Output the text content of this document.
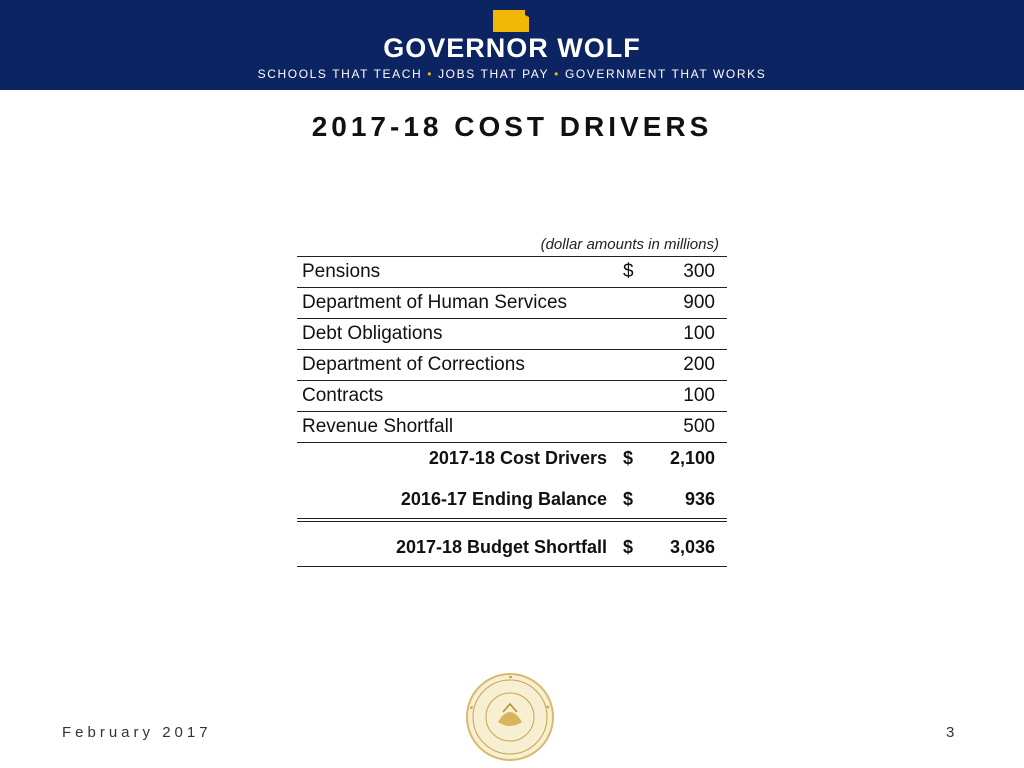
GOVERNOR WOLF
SCHOOLS THAT TEACH • JOBS THAT PAY • GOVERNMENT THAT WORKS
2017-18 COST DRIVERS
(dollar amounts in millions)
Pensions	$	300
Department of Human Services	900
Debt Obligations	100
Department of Corrections	200
Contracts	100
Revenue Shortfall	500
2017-18 Cost Drivers $ 2,100
2016-17 Ending Balance $	936
2017-18 Budget Shortfall $ 3,036
February 2017	3
